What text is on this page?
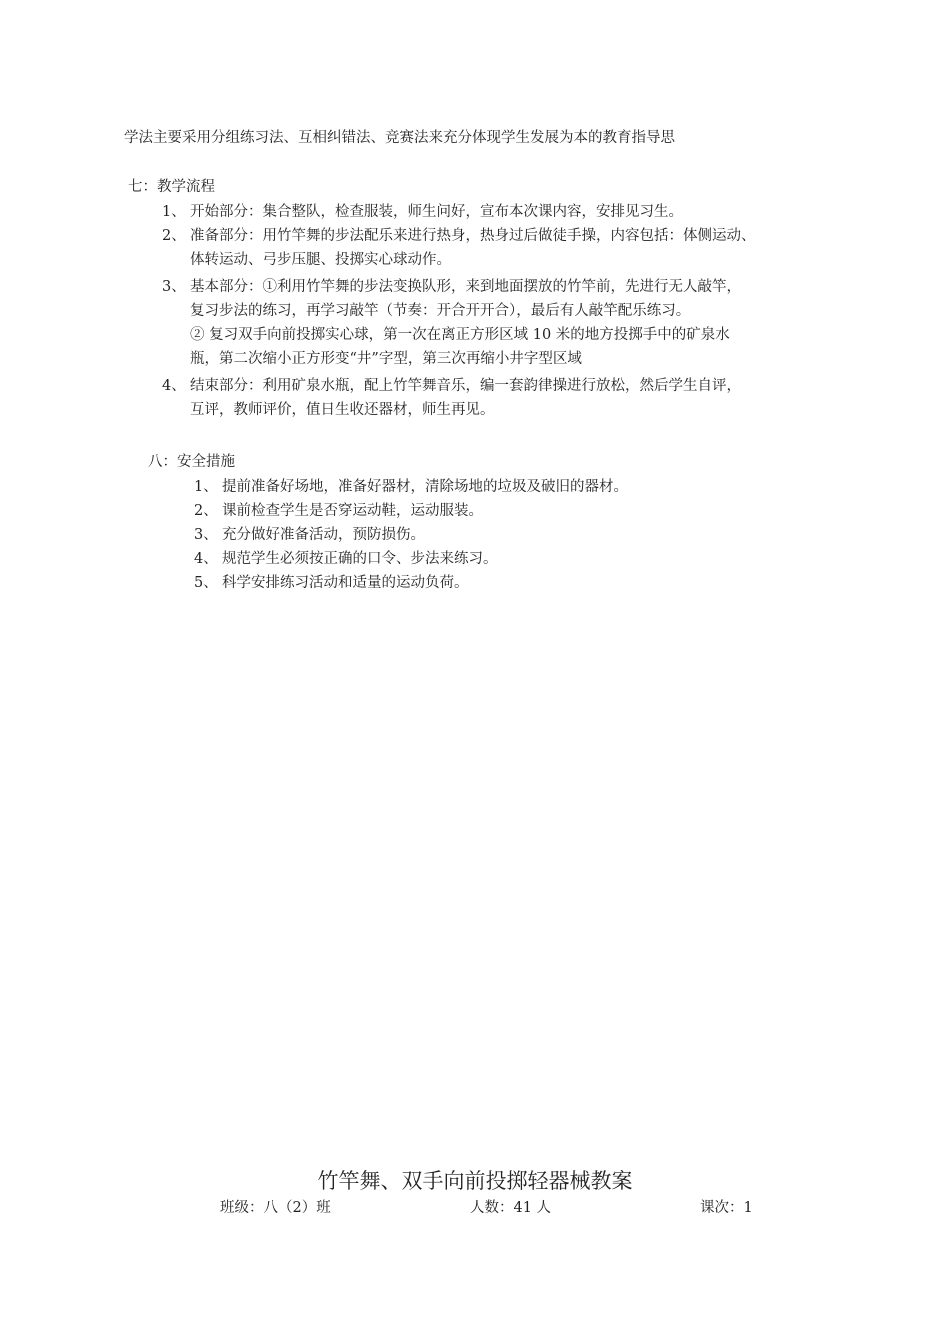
学法主要采用分组练习法、互相纠错法、竞赛法来充分体现学生发展为本的教育指导思
七：教学流程
1、 开始部分：集合整队，检查服装，师生问好，宣布本次课内容，安排见习生。
2、 准备部分：用竹竿舞的步法配乐来进行热身，热身过后做徒手操，内容包括：体侧运动、
体转运动、弓步压腿、投掷实心球动作。
3、 基本部分：①利用竹竿舞的步法变换队形，来到地面摆放的竹竿前，先进行无人敲竿，
复习步法的练习，再学习敲竿（节奏：开合开开合），最后有人敲竿配乐练习。
② 复习双手向前投掷实心球，第一次在离正方形区域 10 米的地方投掷手中的矿泉水
瓶，第二次缩小正方形变“井”字型，第三次再缩小井字型区域
4、 结束部分：利用矿泉水瓶，配上竹竿舞音乐，编一套韵律操进行放松，然后学生自评，
互评，教师评价，值日生收还器材，师生再见。
八：安全措施
1、 提前准备好场地，准备好器材，清除场地的垃圾及破旧的器材。
2、 课前检查学生是否穿运动鞋，运动服装。
3、 充分做好准备活动，预防损伤。
4、 规范学生必须按正确的口令、步法来练习。
5、 科学安排练习活动和适量的运动负荷。
竹竿舞、双手向前投掷轻器械教案
班级：八（2）班	人数：41 人	课次：1
